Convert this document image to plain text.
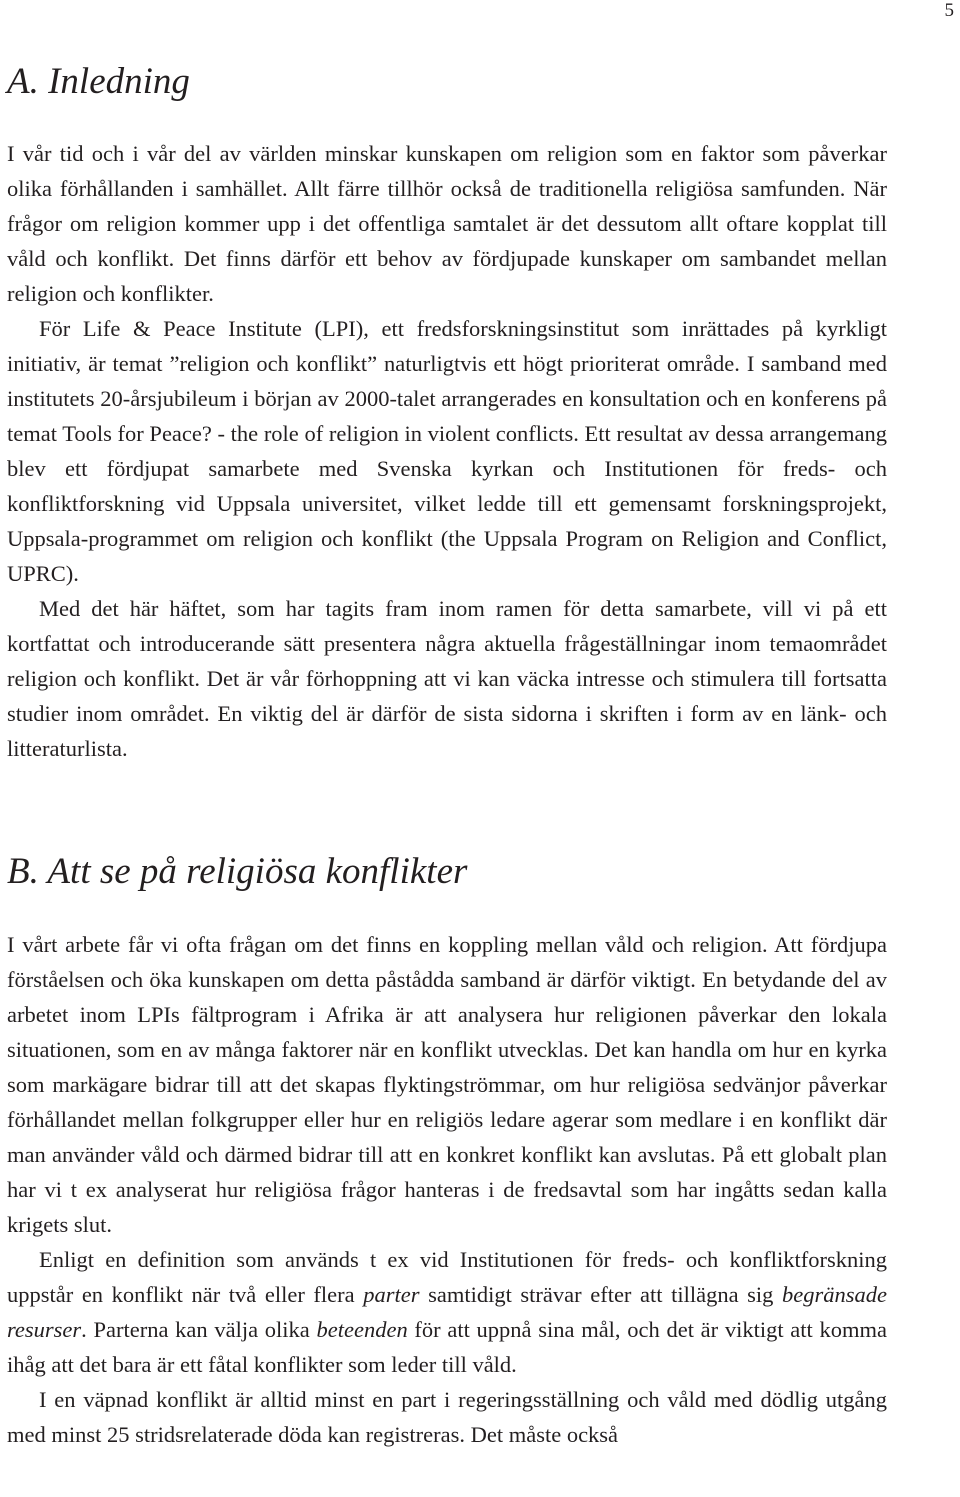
5
A. Inledning

I vår tid och i vår del av världen minskar kunskapen om religion som en faktor som påverkar olika förhållanden i samhället. Allt färre tillhör också de traditionella religiösa samfunden. När frågor om religion kommer upp i det offentliga samtalet är det dessutom allt oftare kopplat till våld och konflikt. Det finns därför ett behov av fördjupade kunskaper om sambandet mellan religion och konflikter.

För Life & Peace Institute (LPI), ett fredsforskningsinstitut som inrättades på kyrkligt initiativ, är temat ”religion och konflikt” naturligtvis ett högt prioriterat område. I samband med institutets 20-årsjubileum i början av 2000-talet arrangerades en konsultation och en konferens på temat Tools for Peace? - the role of religion in violent conflicts. Ett resultat av dessa arrangemang blev ett fördjupat samarbete med Svenska kyrkan och Institutionen för freds- och konfliktforskning vid Uppsala universitet, vilket ledde till ett gemensamt forskningsprojekt, Uppsala-programmet om religion och konflikt (the Uppsala Program on Religion and Conflict, UPRC).

Med det här häftet, som har tagits fram inom ramen för detta samarbete, vill vi på ett kortfattat och introducerande sätt presentera några aktuella frågeställningar inom temaområdet religion och konflikt. Det är vår förhoppning att vi kan väcka intresse och stimulera till fortsatta studier inom området. En viktig del är därför de sista sidorna i skriften i form av en länk- och litteraturlista.

B. Att se på religiösa konflikter

I vårt arbete får vi ofta frågan om det finns en koppling mellan våld och religion. Att fördjupa förståelsen och öka kunskapen om detta påstådda samband är därför viktigt. En betydande del av arbetet inom LPIs fältprogram i Afrika är att analysera hur religionen påverkar den lokala situationen, som en av många faktorer när en konflikt utvecklas. Det kan handla om hur en kyrka som markägare bidrar till att det skapas flyktingströmmar, om hur religiösa sedvänjor påverkar förhållandet mellan folkgrupper eller hur en religiös ledare agerar som medlare i en konflikt där man använder våld och därmed bidrar till att en konkret konflikt kan avslutas. På ett globalt plan har vi t ex analyserat hur religiösa frågor hanteras i de fredsavtal som har ingåtts sedan kalla krigets slut.

Enligt en definition som används t ex vid Institutionen för freds- och konfliktforskning uppstår en konflikt när två eller flera parter samtidigt strävar efter att tillägna sig begränsade resurser. Parterna kan välja olika beteenden för att uppnå sina mål, och det är viktigt att komma ihåg att det bara är ett fåtal konflikter som leder till våld.

I en väpnad konflikt är alltid minst en part i regeringsställning och våld med dödlig utgång med minst 25 stridsrelaterade döda kan registreras. Det måste också
